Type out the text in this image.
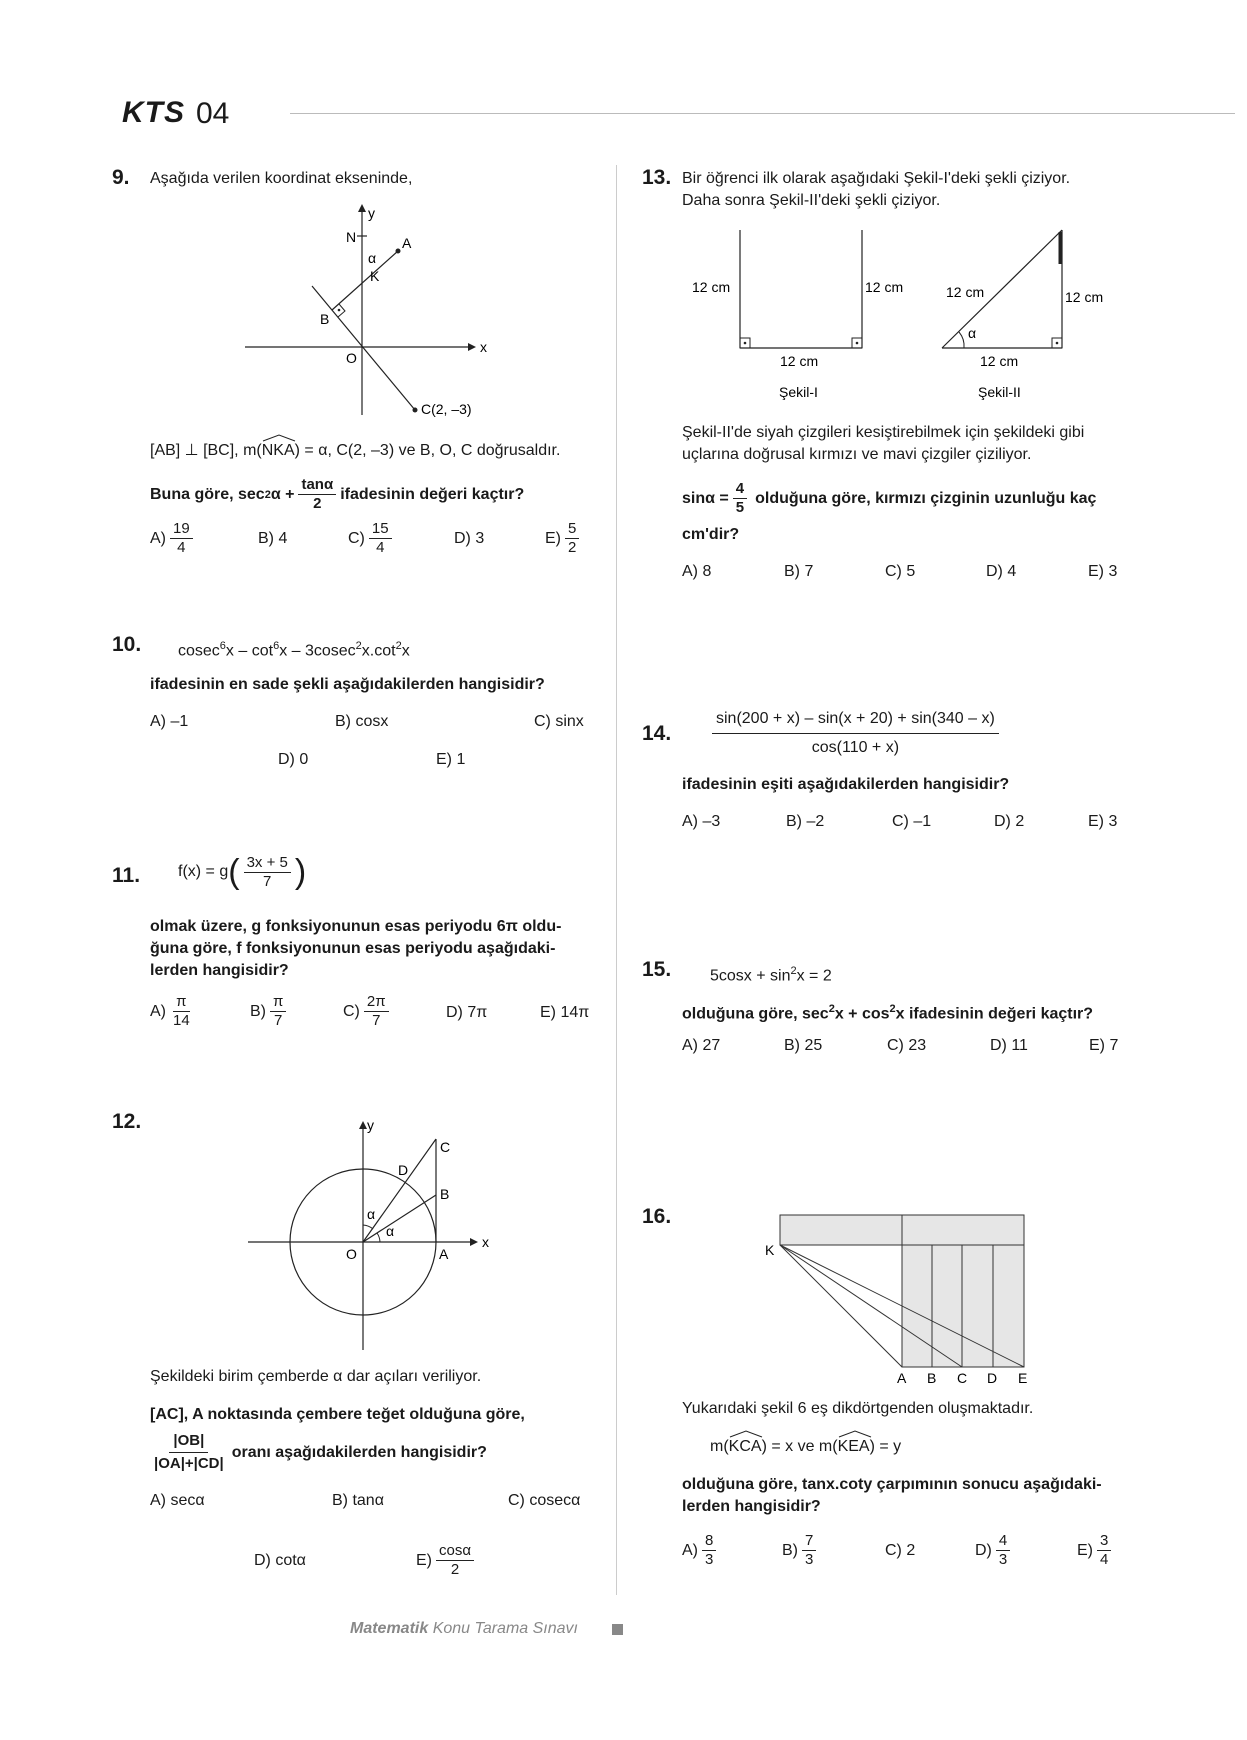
KTS 04
9. Aşağıda verilen koordinat ekseninde,
y
x
N	A
K
B
O
C(2, –3)
α
[AB] ⊥ [BC], m(NKA
) = α, C(2, –3) ve B, O, C doğrusaldır.
Buna göre, sec 2 $\alpha + \frac{\tan\alpha}{2}$ ifadesinin değeri kaçtır?
$A) \frac{19}{4}$	B) 4	$C) \frac{15}{4}$	D) 3	$E) \frac{5}{2}$
10. $cosec^6x - \cot^6x - 3cosec^2x.\cot^2x$
ifadesinin en sade şekli aşağıdakilerden hangisidir?
A) –1	B) cosx	C) sinx
D) 0	E) 1
11. f(x) = g ( $\frac{3x + 5}{7}$ )
olmak üzere, g fonksiyonunun esas periyodu 6π oldu-
ğuna göre, f fonksiyonunun esas periyodu aşağıdaki-
lerden hangisidir?
$A) \frac{\pi}{14}$	$B) \frac{\pi}{7}$	$C) \frac{2\pi}{7}$	D) 7π	E) 14π
12.	y
x
O	A
B
C
D
α
α
Şekildeki birim çemberde α dar açıları veriliyor.
[AC], A noktasında çembere teğet olduğuna göre,
$\frac{|OB|}{|OA|+|CD|}$ oranı aşağıdakilerden hangisidir?
A) secα	B) tanα	C) cosecα
D) cotα	$E) \frac{\cos\alpha}{2}$
13. Bir öğrenci ilk olarak aşağıdaki Şekil-I'deki şekli çiziyor.
Daha sonra Şekil-II'deki şekli çiziyor.
12 cm	12 cm
12 cm
Şekil-I
12 cm	12 cm
12 cm
Şekil-II
α
Şekil-II'de siyah çizgileri kesiştirebilmek için şekildeki gibi
uçlarına doğrusal kırmızı ve mavi çizgiler çiziliyor.
$\sin\alpha = \frac{4}{5}$ olduğuna göre, kırmızı çizginin uzunluğu kaç
cm'dir?
A) 8	B) 7	C) 5	D) 4	E) 3
14.
sin(200 + x) – sin(x + 20) + sin(340 – x)
cos(110 + x)
ifadesinin eşiti aşağıdakilerden hangisidir?
A) –3	B) –2	C) –1	D) 2	E) 3
15. $5\cos x + \sin^2x = 2$
olduğuna göre, $\sec^2x + \cos^2x$ ifadesinin değeri kaçtır?
A) 27	B) 25	C) 23	D) 11	E) 7
16.
K
A B C D E
Yukarıdaki şekil 6 eş dikdörtgenden oluşmaktadır.
m(KCA
) = x ve m(KEA
) = y
olduğuna göre, tanx.coty çarpımının sonucu aşağıdaki-
lerden hangisidir?
$A) \frac{8}{3}$	$B) \frac{7}{3}$	C) 2	$D) \frac{4}{3}$	$E) \frac{3}{4}$
Matematik Konu Tarama Sınavı
